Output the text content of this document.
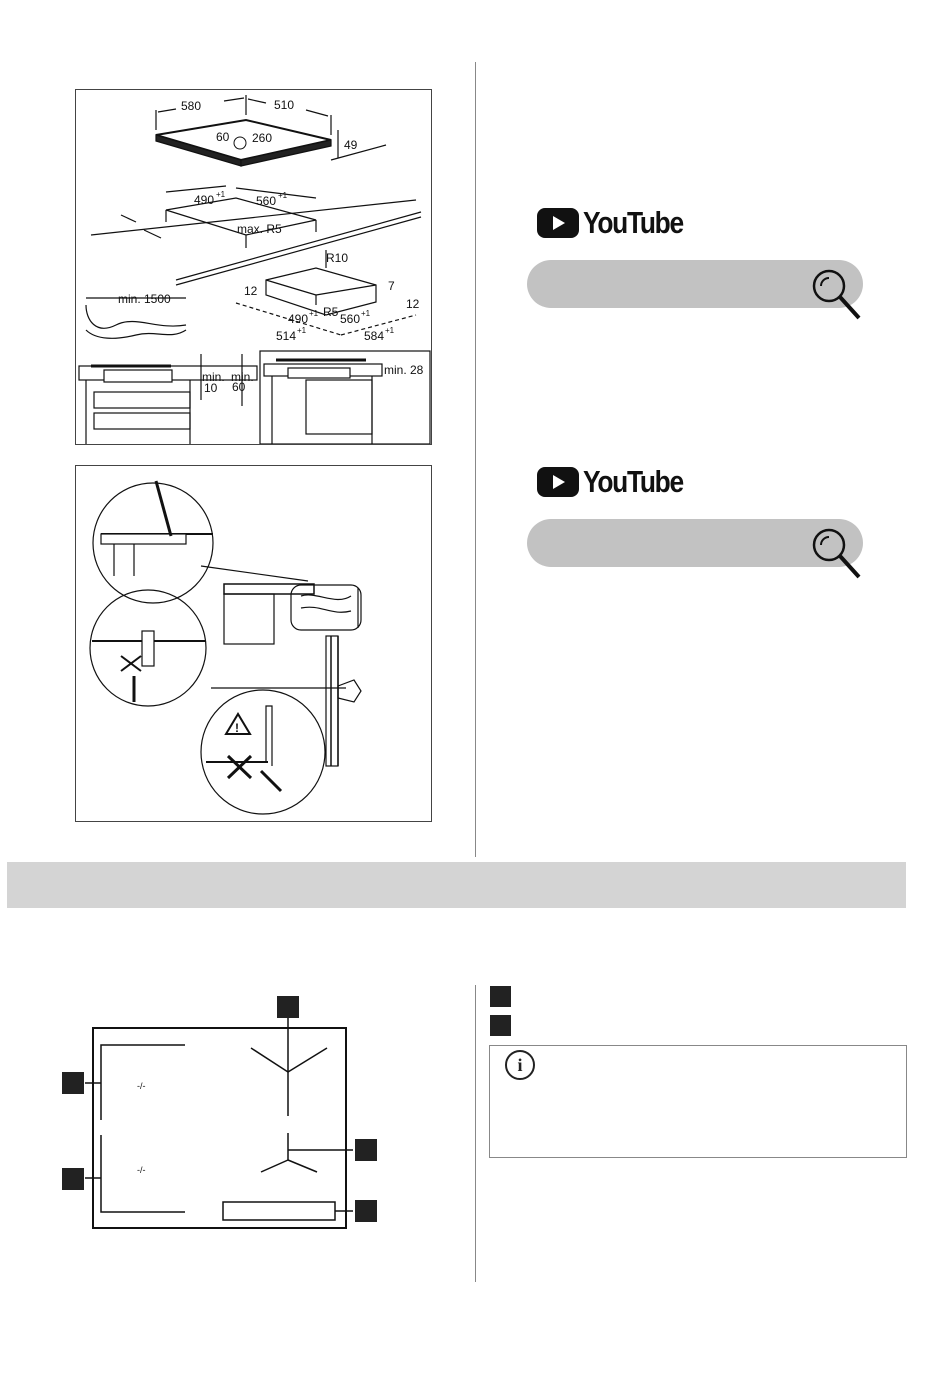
580	510
60 260	49
490 +1	560 +1
max. R5
R10
7
12
12
R5
490 +1 560 +1
514 +1	584 +1
min. 1500
min.
10
min.
60
min. 28
!
YouTube
YouTube
-/-
-/-
i
